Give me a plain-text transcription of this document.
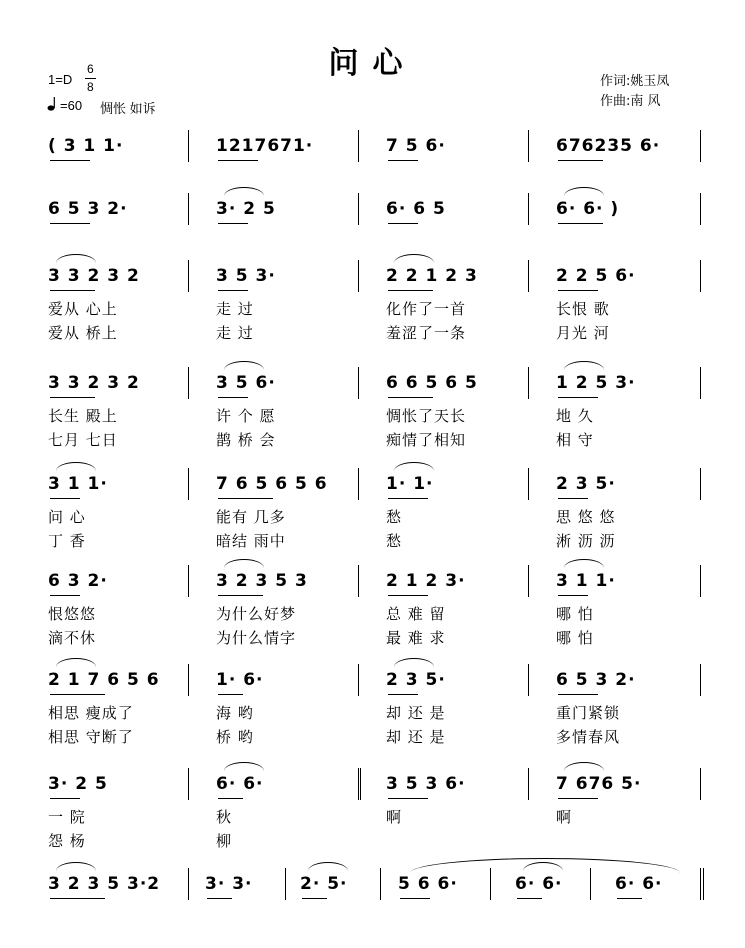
问心
1=D
6
8
=60 惆怅 如诉
作词:姚玉凤
作曲:南 风
( 3 1 1·	1217671·	7 5 6·	676235 6·
6 5 3 2·	3· 2 5	6· 6 5	6· 6· )
3 3 2 3 2
爱从 心上
爱从 桥上
3 5 3·
走 过
走 过
2 2 1 2 3
化作了一首
羞涩了一条
2 2 5 6·
长恨 歌
月光 河
3 3 2 3 2
长生 殿上
七月 七日
3 5 6·
许 个 愿
鹊 桥 会
6 6 5 6 5
惆怅了天长
痴情了相知
1 2 5 3·
地 久
相 守
3 1 1·
问 心
丁 香
7 6 5 6 5 6
能有 几多
暗结 雨中
1· 1·
愁
愁
2 3 5·
思 悠 悠
淅 沥 沥
6 3 2·
恨悠悠
滴不休
3 2 3 5 3
为什么好梦
为什么情字
2 1 2 3·
总 难 留
最 难 求
3 1 1·
哪 怕
哪 怕
2 1 7 6 5 6
相思 瘦成了
相思 守断了
1· 6·
海 哟
桥 哟
2 3 5·
却 还 是
却 还 是
6 5 3 2·
重门紧锁
多情春风
3· 2 5
一 院
怨 杨
6· 6·
秋
柳
3 5 3 6·
啊
7 676 5·
啊
3 2 3 5 3·2	3· 3·	2· 5·	5 6 6·	6· 6·	6· 6·
